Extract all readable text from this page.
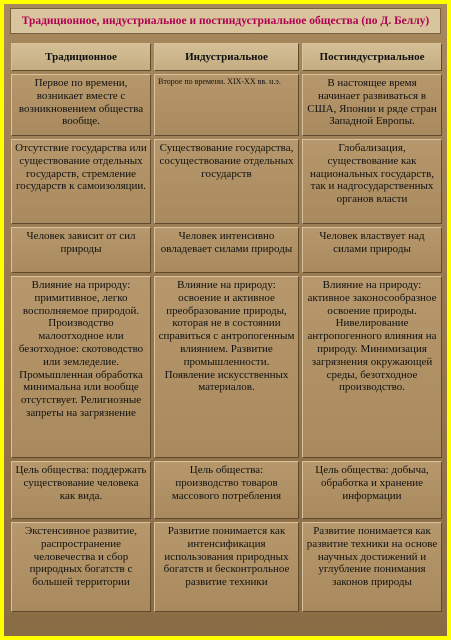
Традиционное, индустриальное и постиндустриальное общества (по Д. Беллу)
Традиционное	Индустриальное	Постиндустриальное
Первое по времени, возникает вместе с возникновением общества вообще.	Второе по времени. XIX-XX вв. н.э.	В настоящее время начинает развиваться в США, Японии и ряде стран Западной Европы.
Отсутствие государства или существование отдельных государств, стремление государств к самоизоляции.	Существование государства, сосуществование отдельных государств	Глобализация, существование как национальных государств, так и надгосударственных органов власти
Человек зависит от сил природы	Человек интенсивно овладевает силами природы	Человек властвует над силами природы
Влияние на природу: примитивное, легко восполняемое природой. Производство малоотходное или безотходное: скотоводство или земледелие. Промышленная обработка минимальна или вообще отсутствует. Религиозные запреты на загрязнение	Влияние на природу: освоение и активное преобразование природы, которая не в состоянии справиться с антропогенным влиянием. Развитие промышленности. Появление искусственных материалов.	Влияние на природу: активное законосообразное освоение природы. Нивелирование антропогенного влияния на природу. Минимизация загрязнения окружающей среды, безотходное производство.
Цель общества: поддержать существование человека как вида.	Цель общества: производство товаров массового потребления	Цель общества: добыча, обработка и хранение информации
Экстенсивное развитие, распространение человечества и сбор природных богатств с большей территории	Развитие понимается как интенсификация использования природных богатств и бесконтрольное развитие техники	Развитие понимается как развитие техники на основе научных достижений и углубление понимания законов природы
